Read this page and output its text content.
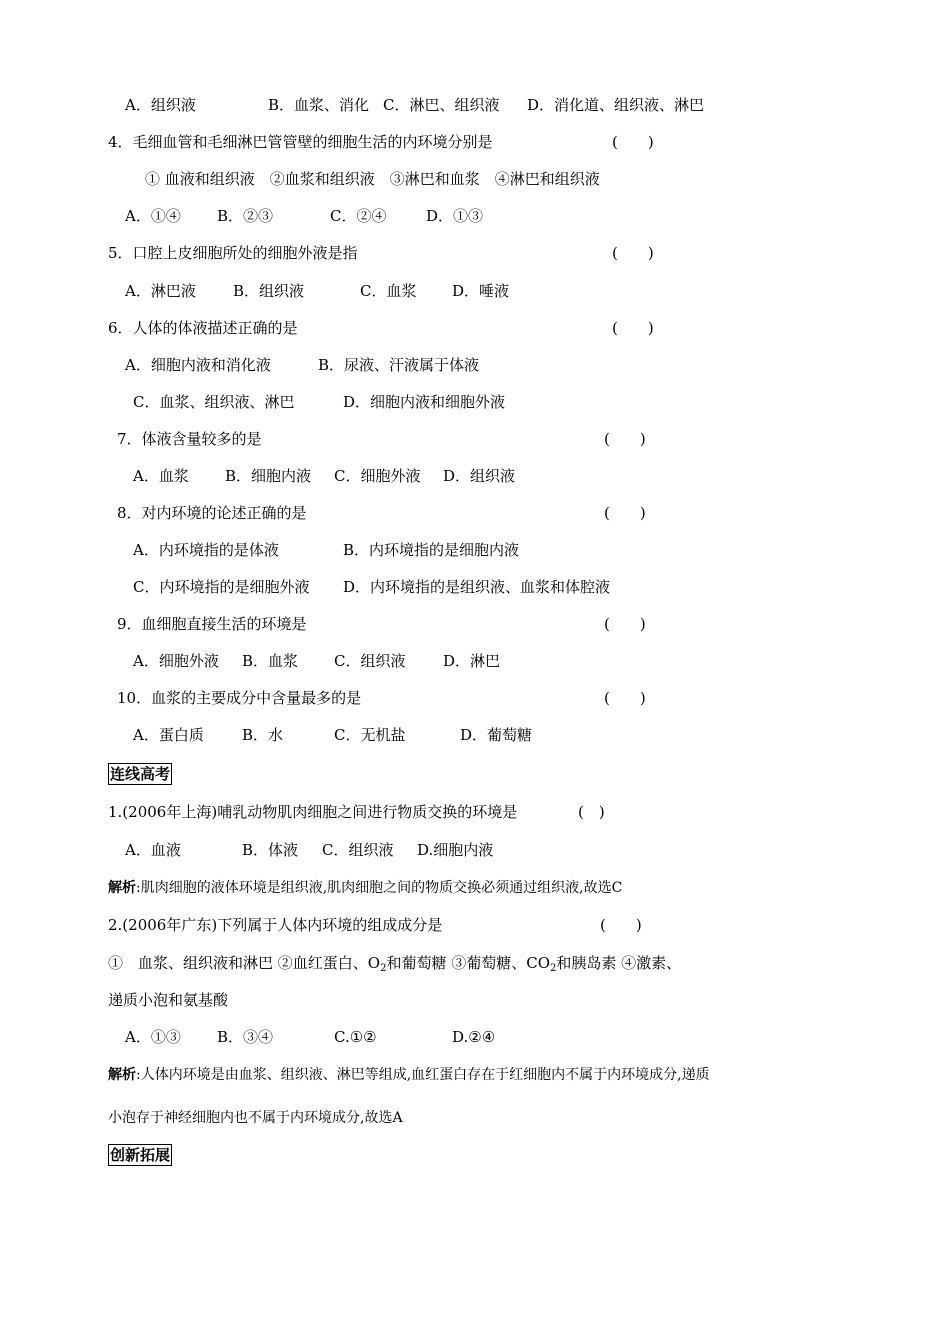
A．组织液	B．血浆、消化 C．淋巴、组织液 D．消化道、组织液、淋巴
4．毛细血管和毛细淋巴管管壁的细胞生活的内环境分别是	(　　)
① 血液和组织液　②血浆和组织液　③淋巴和血浆　④淋巴和组织液
A．①④ B．②③	C．②④	D．①③
5．口腔上皮细胞所处的细胞外液是指	(　　)
A．淋巴液 B．组织液	C．血浆 D．唾液
6．人体的体液描述正确的是	(　　)
A．细胞内液和消化液	B．尿液、汗液属于体液
C．血浆、组织液、淋巴	D．细胞内液和细胞外液
7．体液含量较多的是	(　　)
A．血浆 B．细胞内液 C．细胞外液 D．组织液
8．对内环境的论述正确的是	(　　)
A．内环境指的是体液	B．内环境指的是细胞内液
C．内环境指的是细胞外液 D．内环境指的是组织液、血浆和体腔液
9．血细胞直接生活的环境是	(　　)
A．细胞外液 B．血浆 C．组织液	D．淋巴
10．血浆的主要成分中含量最多的是	(　　)
A．蛋白质	B．水	C．无机盐	D．葡萄糖
连线高考
1.(2006年上海)哺乳动物肌肉细胞之间进行物质交换的环境是	(　)
A．血液	B．体液 C．组织液 D.细胞内液
解析:肌肉细胞的液体环境是组织液,肌肉细胞之间的物质交换必须通过组织液,故选C
2.(2006年广东)下列属于人体内环境的组成成分是	(　　)
①　血浆、组织液和淋巴 ②血红蛋白、$O_2$和葡萄糖 ③葡萄糖、$CO_2$和胰岛素 ④激素、
递质小泡和氨基酸
A．①③ B．③④	C.①②	D.②④
解析:人体内环境是由血浆、组织液、淋巴等组成,血红蛋白存在于红细胞内不属于内环境成分,递质
小泡存于神经细胞内也不属于内环境成分,故选A
创新拓展
